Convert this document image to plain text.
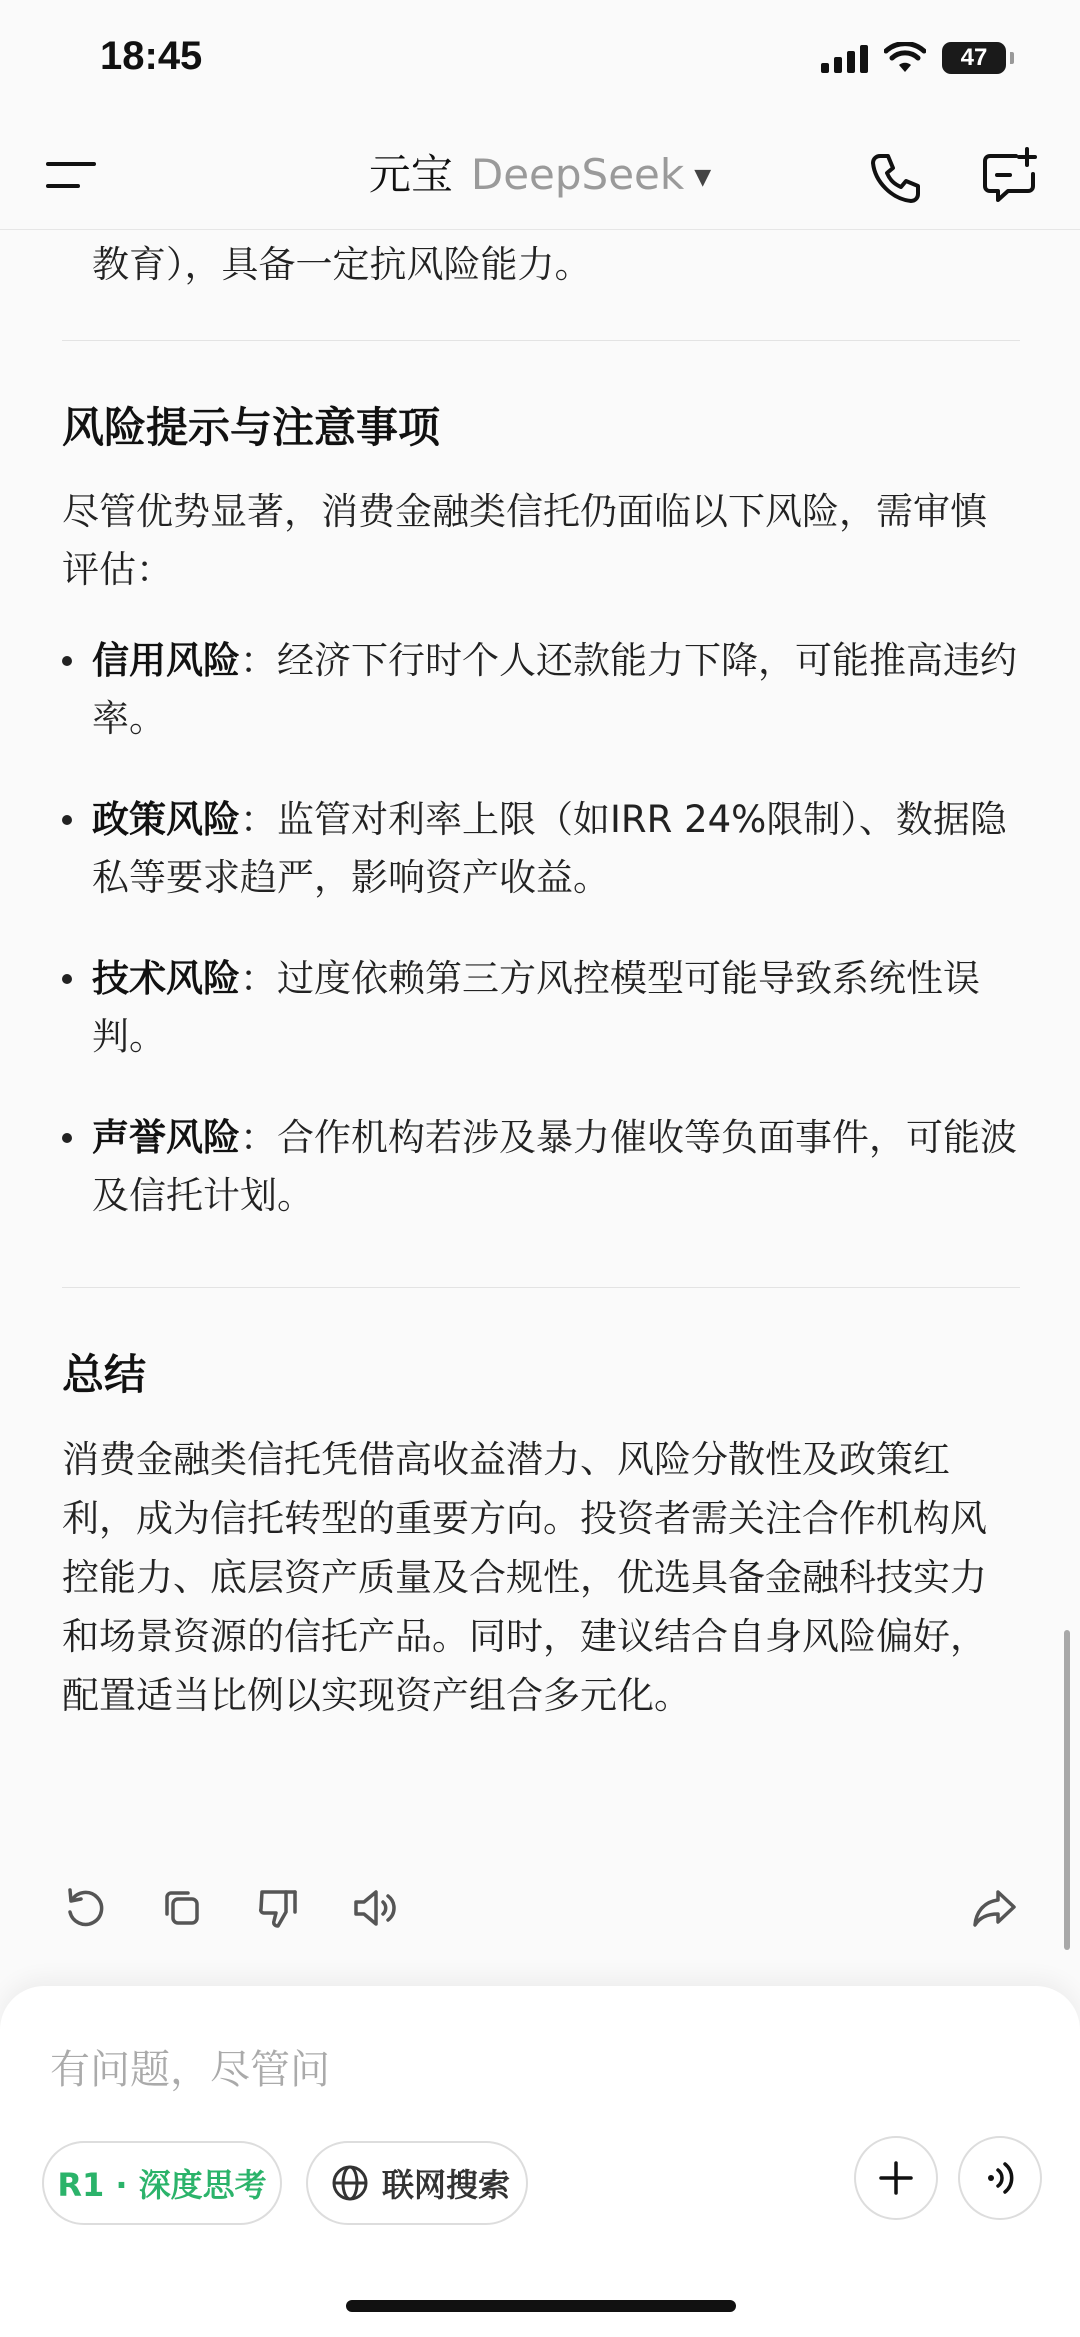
18:45	47
元宝 DeepSeek ▼
教育），具备一定抗风险能力。
风险提示与注意事项
尽管优势显著，消费金融类信托仍面临以下风险，需审慎评估：
信用风险：经济下行时个人还款能力下降，可能推高违约率。
政策风险：监管对利率上限（如IRR 24%限制）、数据隐私等要求趋严，影响资产收益。
技术风险：过度依赖第三方风控模型可能导致系统性误判。
声誉风险：合作机构若涉及暴力催收等负面事件，可能波及信托计划。
总结
消费金融类信托凭借高收益潜力、风险分散性及政策红利，成为信托转型的重要方向。投资者需关注合作机构风控能力、底层资产质量及合规性，优选具备金融科技实力和场景资源的信托产品。同时，建议结合自身风险偏好，配置适当比例以实现资产组合多元化。
有问题，尽管问
R1 · 深度思考	联网搜索
